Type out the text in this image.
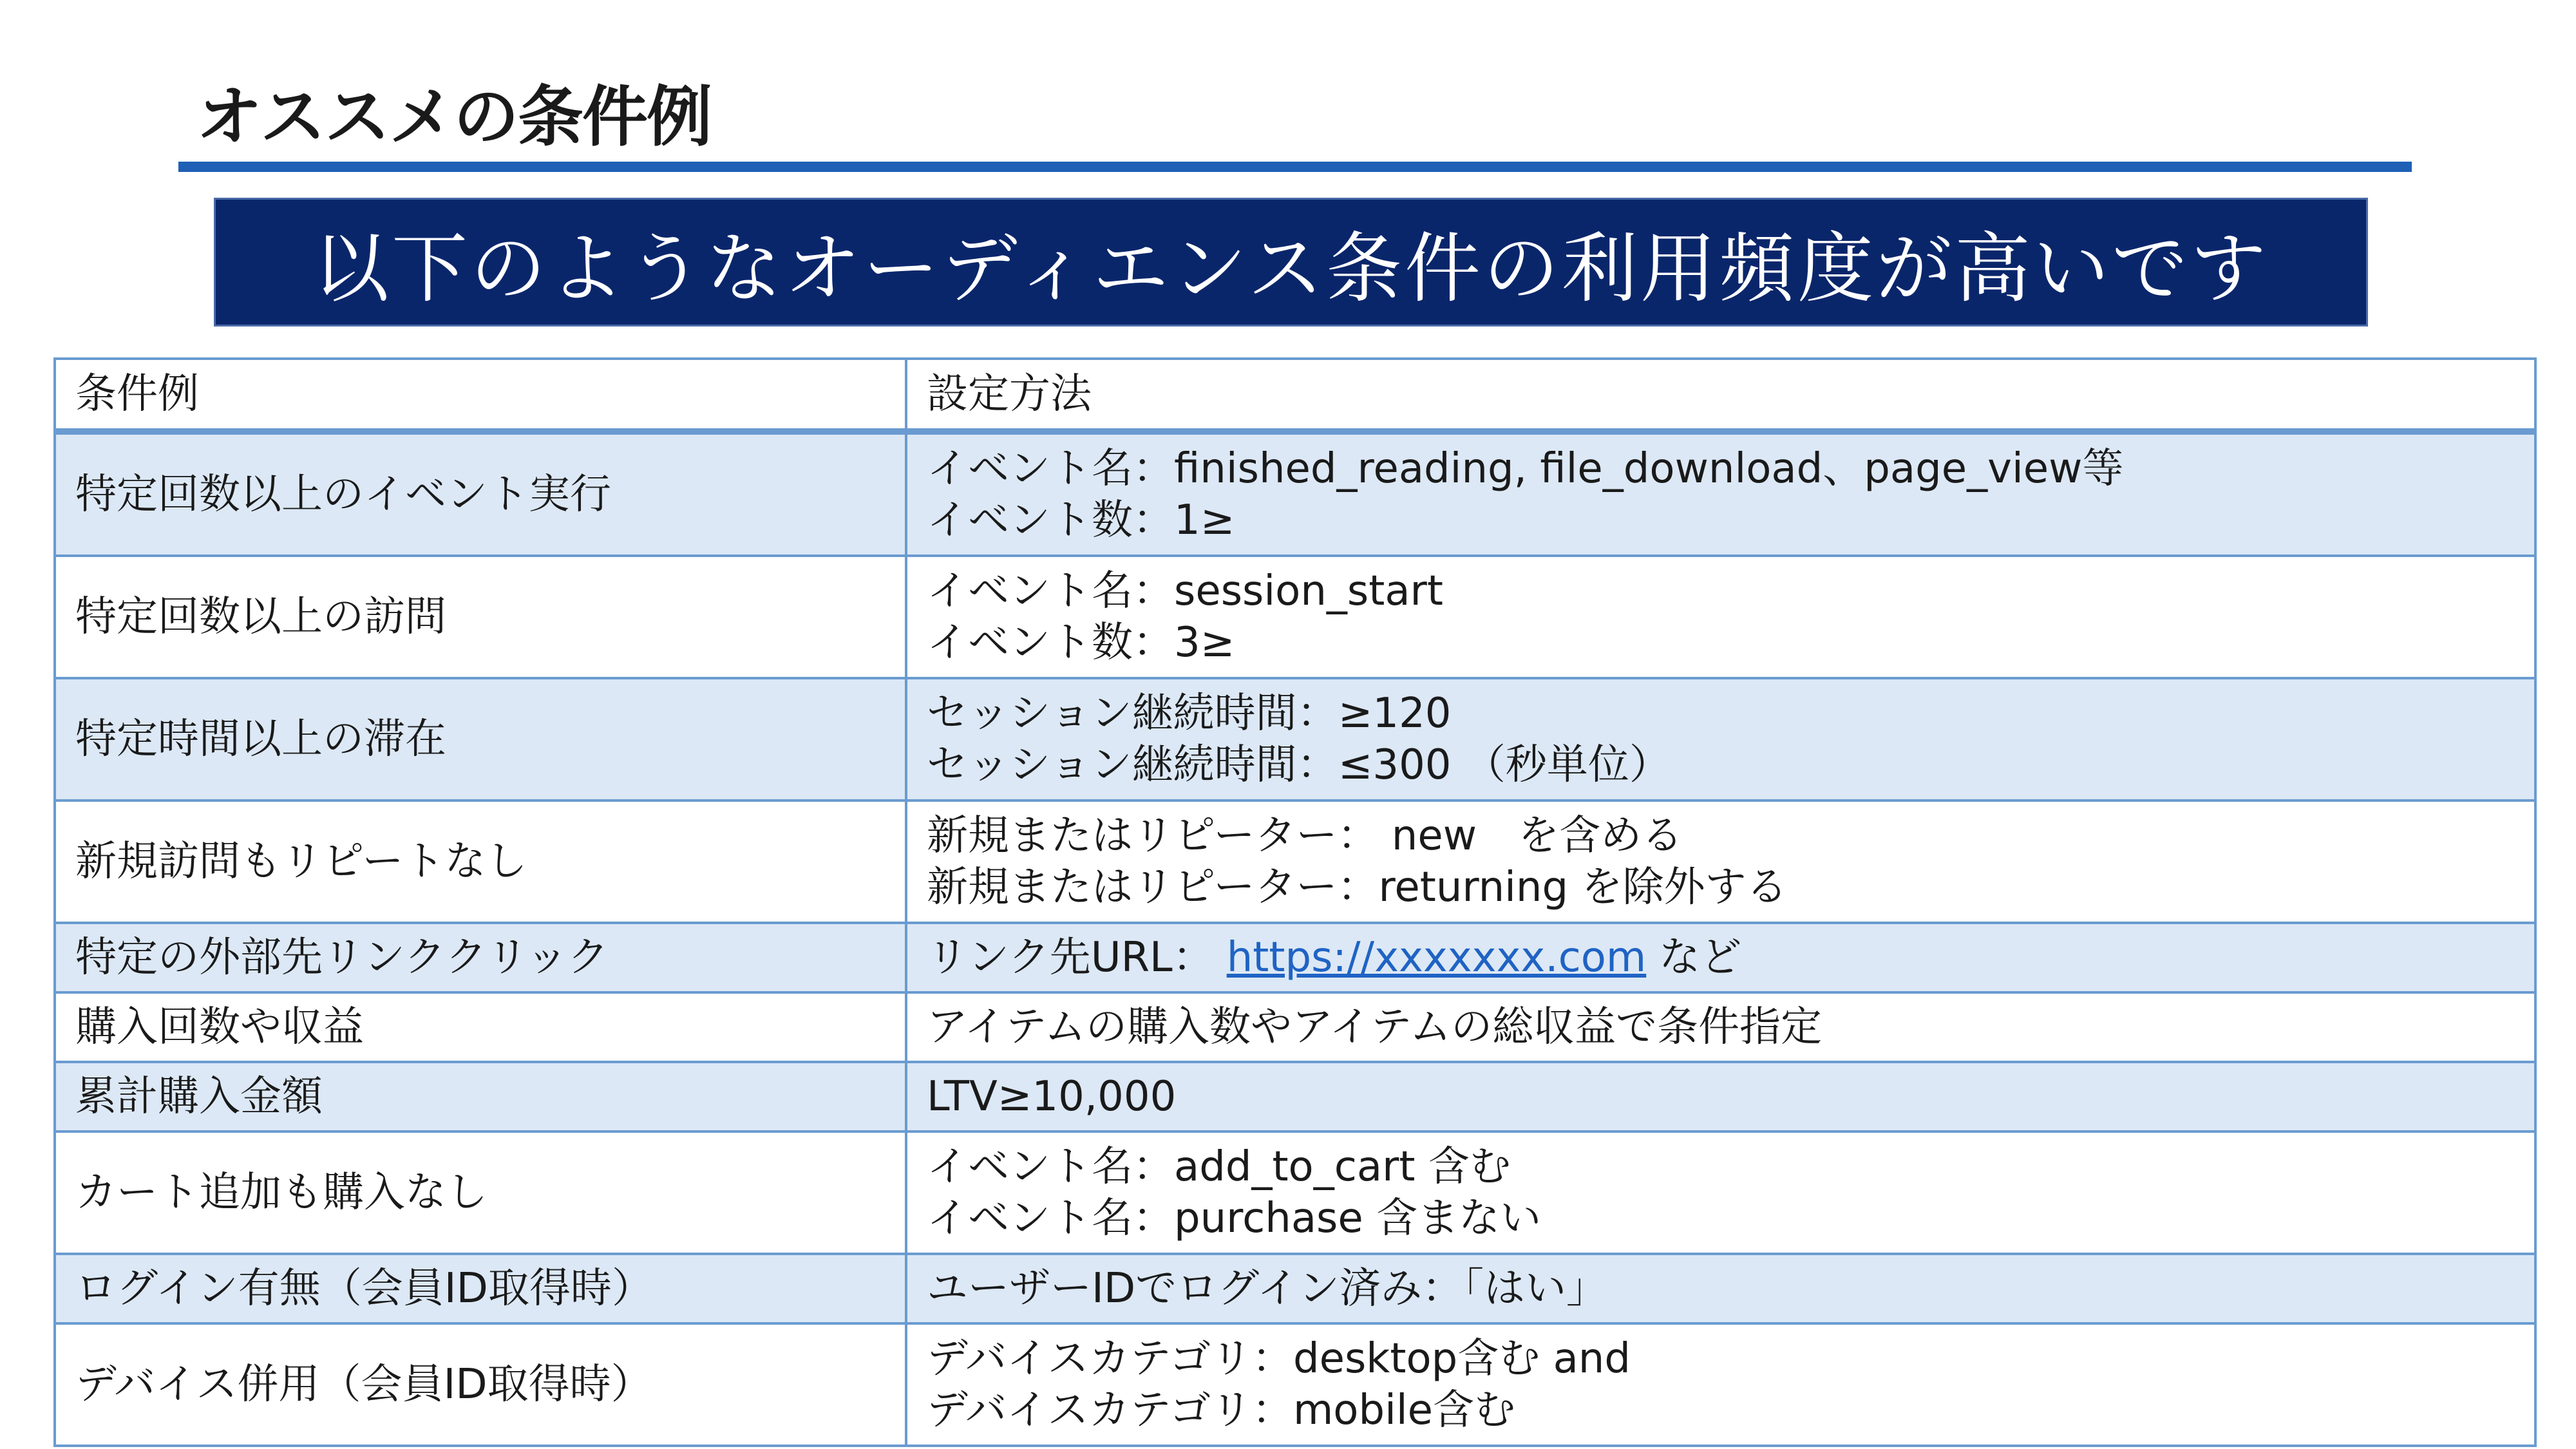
オススメの条件例
以下のようなオーディエンス条件の利用頻度が高いです
条件例	設定方法
特定回数以上のイベント実行	イベント名：finished_reading, file_download、page_view等
イベント数：1≥

特定回数以上の訪問	イベント名：session_start
イベント数：3≥

特定時間以上の滞在	セッション継続時間：≥120
セッション継続時間：≤300 （秒単位）

新規訪問もリピートなし	新規またはリピーター： new　を含める
新規またはリピーター：returning を除外する

特定の外部先リンククリック	リンク先URL： https://xxxxxxx.com など
購入回数や収益	アイテムの購入数やアイテムの総収益で条件指定

累計購入金額	LTV≥10,000

カート追加も購入なし	イベント名：add_to_cart 含む
イベント名：purchase 含まない

ログイン有無（会員ID取得時）	ユーザーIDでログイン済み：「はい」

デバイス併用（会員ID取得時）	デバイスカテゴリ：desktop含む and
デバイスカテゴリ：mobile含む
